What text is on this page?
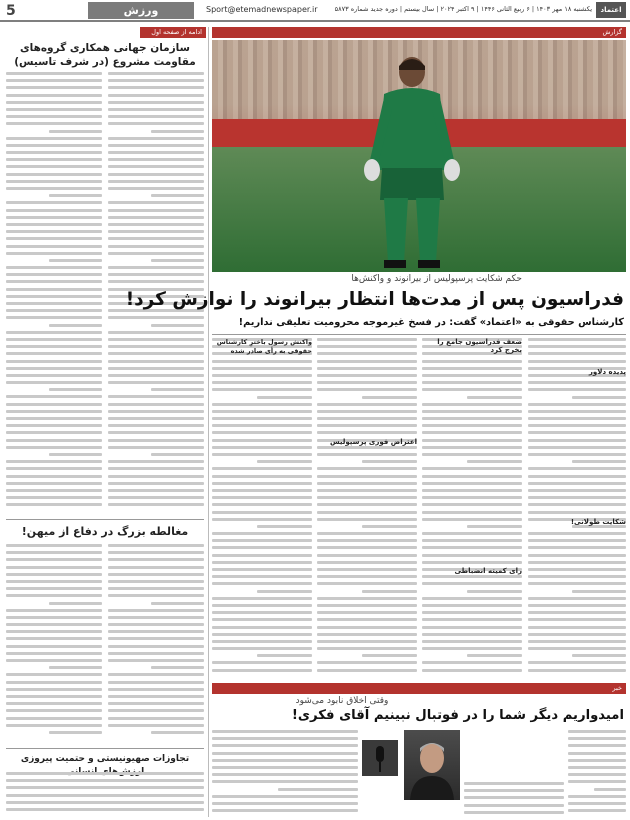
5	ورزش	Sport@etemadnewspaper.ir	یکشنبه ۱۸ مهر ۱۴۰۳ | ۶ ربیع الثانی ۱۴۴۶ | ۹ اکتبر ۲۰۲۴ | سال بیستم | دوره جدید شماره ۵۸۷۳	اعتماد
ادامه از صفحه اول
سازمان جهانی همکاری گروه‌های مقاومت مشروع (در شرف تاسیس)
مغالطه بزرگ در دفاع از میهن!
تجاوزات صهیونیستی و حتمیت پیروزی
گزارش
حکم شکایت پرسپولیس از بیرانوند و واکنش‌ها
فدراسیون پس از مدت‌ها انتظار بیرانوند را نوازش کرد!
کارشناس حقوقی به «اعتماد» گفت: در فسخ غیرموجه محرومیت تعلیقی نداریم!
پدیده دلاور
شکایت طولانی!
ضعف فدراسیون جامع را بخرج کرد
واکنش رسول باخترِ کارشناس حقوقی به رأی صادر شده
اعتراض فوری پرسپولیس
رای کمیته انضباطی
خبر
وقتی اخلاق نابود می‌شود
امیدواریم دیگر شما را در فوتبال نبینیم آقای فکری!
